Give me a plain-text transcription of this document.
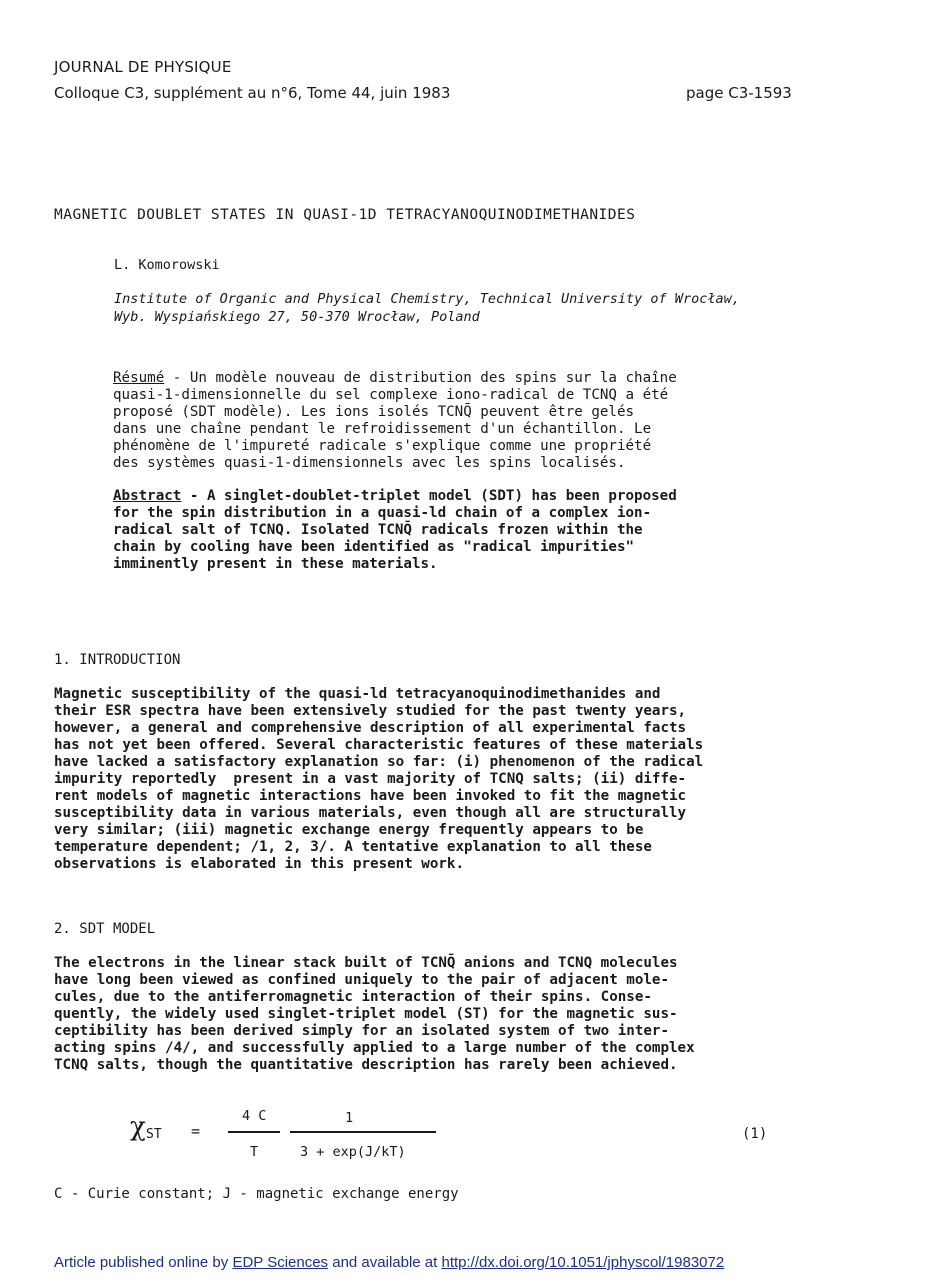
JOURNAL DE PHYSIQUE
Colloque C3, supplément au n°6, Tome 44, juin 1983	page C3-1593
MAGNETIC DOUBLET STATES IN QUASI-1D TETRACYANOQUINODIMETHANIDES
L. Komorowski
Institute of Organic and Physical Chemistry, Technical University of Wrocław,
Wyb. Wyspiańskiego 27, 50-370 Wrocław, Poland
Résumé - Un modèle nouveau de distribution des spins sur la chaîne
quasi-1-dimensionnelle du sel complexe iono-radical de TCNQ a été
proposé (SDT modèle). Les ions isolés TCNQ̄ peuvent être gelés
dans une chaîne pendant le refroidissement d'un échantillon. Le
phénomène de l'impureté radicale s'explique comme une propriété
des systèmes quasi-1-dimensionnels avec les spins localisés.
Abstract - A singlet-doublet-triplet model (SDT) has been proposed
for the spin distribution in a quasi-ld chain of a complex ion-
radical salt of TCNQ. Isolated TCNQ̄ radicals frozen within the
chain by cooling have been identified as "radical impurities"
imminently present in these materials.
1. INTRODUCTION
Magnetic susceptibility of the quasi-ld tetracyanoquinodimethanides and
their ESR spectra have been extensively studied for the past twenty years,
however, a general and comprehensive description of all experimental facts
has not yet been offered. Several characteristic features of these materials
have lacked a satisfactory explanation so far: (i) phenomenon of the radical
impurity reportedly  present in a vast majority of TCNQ salts; (ii) diffe-
rent models of magnetic interactions have been invoked to fit the magnetic
susceptibility data in various materials, even though all are structurally
very similar; (iii) magnetic exchange energy frequently appears to be
temperature dependent; /1, 2, 3/. A tentative explanation to all these
observations is elaborated in this present work.
2. SDT MODEL
The electrons in the linear stack built of TCNQ̄ anions and TCNQ molecules
have long been viewed as confined uniquely to the pair of adjacent mole-
cules, due to the antiferromagnetic interaction of their spins. Conse-
quently, the widely used singlet-triplet model (ST) for the magnetic sus-
ceptibility has been derived simply for an isolated system of two inter-
acting spins /4/, and successfully applied to a large number of the complex
TCNQ salts, though the quantitative description has rarely been achieved.
χ ST =
4 C
T
1
3 + exp(J/kT)
(1)
C - Curie constant; J - magnetic exchange energy
Article published online by EDP Sciences and available at http://dx.doi.org/10.1051/jphyscol/1983072
